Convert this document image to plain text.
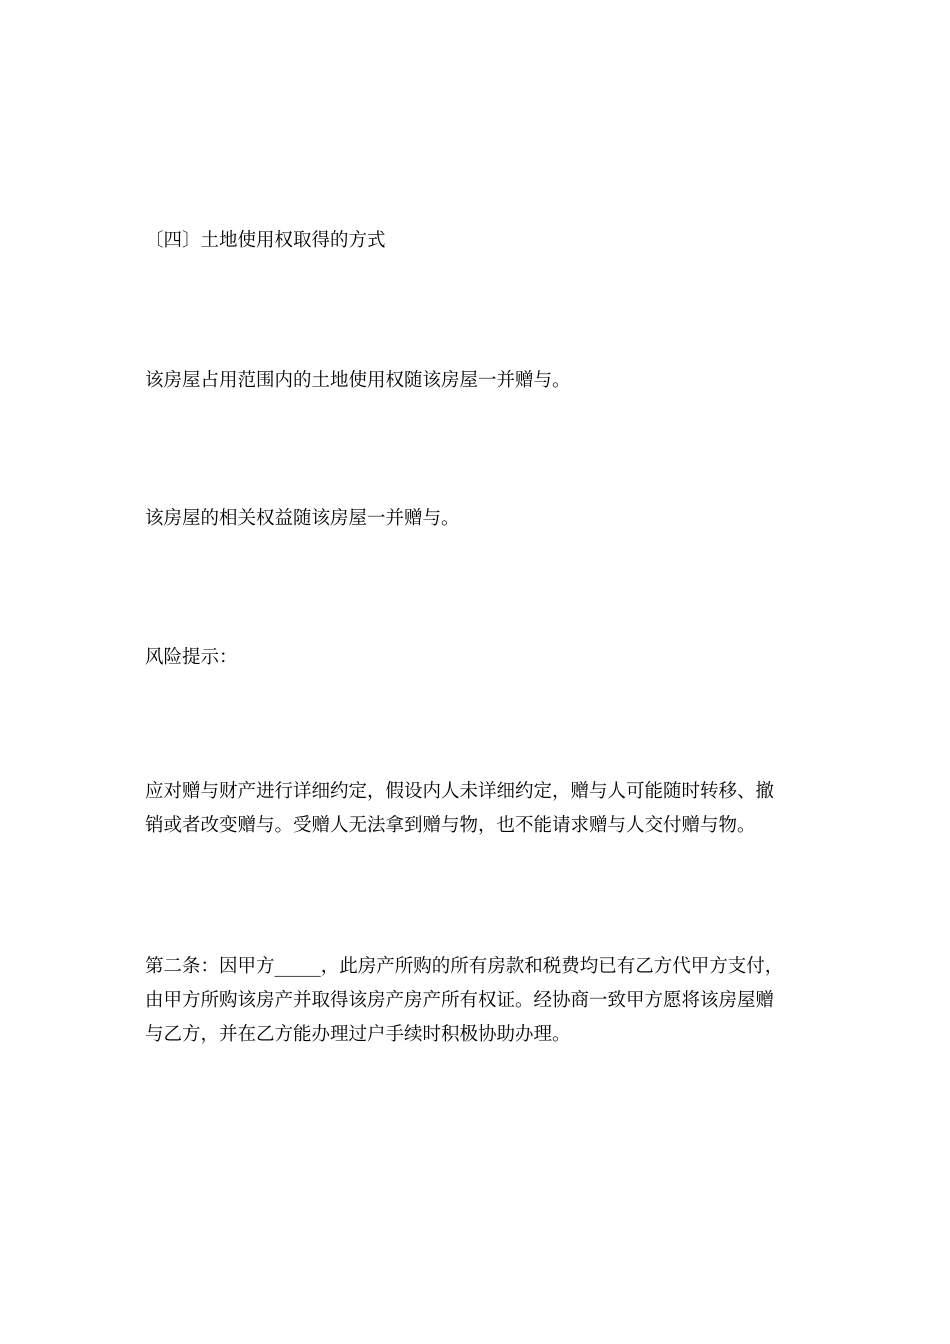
〔四〕土地使用权取得的方式

该房屋占用范围内的土地使用权随该房屋一并赠与。

该房屋的相关权益随该房屋一并赠与。

风险提示：

应对赠与财产进行详细约定，假设内人未详细约定，赠与人可能随时转移、撤
销或者改变赠与。受赠人无法拿到赠与物，也不能请求赠与人交付赠与物。

第二条：因甲方_____，此房产所购的所有房款和税费均已有乙方代甲方支付，
由甲方所购该房产并取得该房产房产所有权证。经协商一致甲方愿将该房屋赠
与乙方，并在乙方能办理过户手续时积极协助办理。
